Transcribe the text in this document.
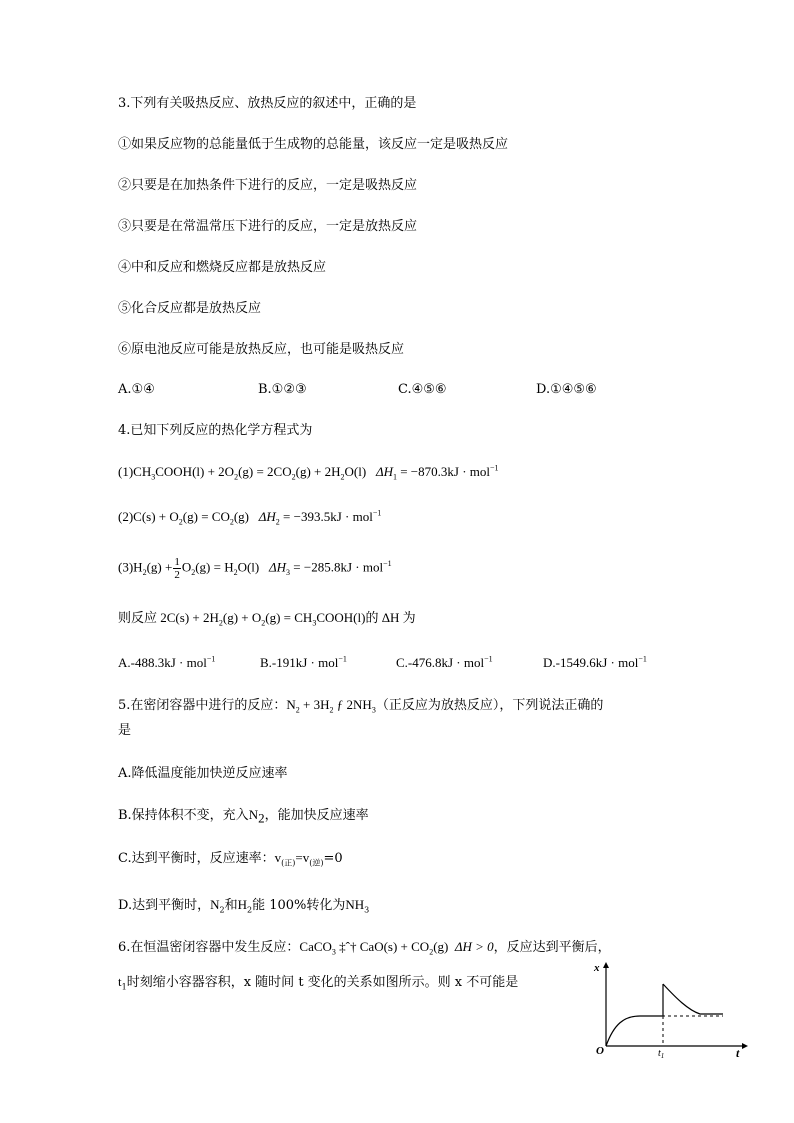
3.下列有关吸热反应、放热反应的叙述中，正确的是
①如果反应物的总能量低于生成物的总能量，该反应一定是吸热反应
②只要是在加热条件下进行的反应，一定是吸热反应
③只要是在常温常压下进行的反应，一定是放热反应
④中和反应和燃烧反应都是放热反应
⑤化合反应都是放热反应
⑥原电池反应可能是放热反应，也可能是吸热反应
A.①④	B.①②③	C.④⑤⑥	D.①④⑤⑥
4.已知下列反应的热化学方程式为
$(1)CH_3COOH(l) + 2O_2(g) = 2CO_2(g) + 2H_2O(l) \Delta H_1 = -870.3kJ \cdot mol^{-1}$
$(2)C(s) + O_2(g) = CO_2(g) \Delta H_2 = -393.5kJ \cdot mol^{-1}$
$(3)H_2(g) + \frac{1}{2} O_2(g) = H_2O(l) \Delta H_3 = -285.8kJ \cdot mol^{-1}$
则反应 $2C(s) + 2H_2(g) + O_2(g)$ = $CH_3COOH(l)$的 ΔH 为
A.-488.3kJ · mol$^{-1}$	B.-191kJ · mol$^{-1}$	C.-476.8kJ · mol$^{-1}$	D.-1549.6kJ · mol$^{-1}$
5.在密闭容器中进行的反应：$N_2 + 3H_2$ ƒ $2NH_3$（正反应为放热反应），下列说法正确的
是
A.降低温度能加快逆反应速率
B.保持体积不变，充入$N_2$，能加快反应速率
C.达到平衡时，反应速率：$v_{(正)}=v_{(逆)}=0$
D.达到平衡时，$N_2$和$H_2$能 100%转化为$NH_3$
6.在恒温密闭容器中发生反应：CaCO$_3$ ‡ˆ† $CaO(s) + CO_2(g) \Delta H > 0$，反应达到平衡后，
$t_1$时刻缩小容器容积，x 随时间 t 变化的关系如图所示。则 x 不可能是
x
t
O	$t_1$
